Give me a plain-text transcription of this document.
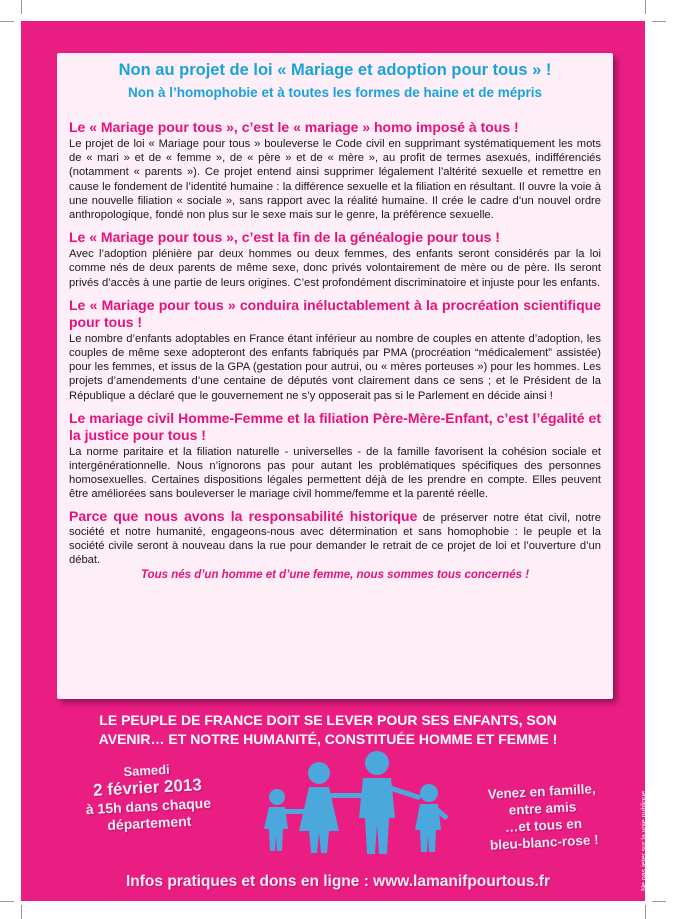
Non au projet de loi « Mariage et adoption pour tous » !
Non à l’homophobie et à toutes les formes de haine et de mépris
Le « Mariage pour tous », c’est le « mariage » homo imposé à tous !
Le projet de loi « Mariage pour tous » bouleverse le Code civil en supprimant systématiquement les mots de « mari » et de « femme », de « père » et de « mère », au profit de termes asexués, indifférenciés (notamment « parents »). Ce projet entend ainsi supprimer légalement l’altérité sexuelle et remettre en cause le fondement de l’identité humaine : la différence sexuelle et la filiation en résultant. Il ouvre la voie à une nouvelle filiation « sociale », sans rapport avec la réalité humaine. Il crée le cadre d’un nouvel ordre anthropologique, fondé non plus sur le sexe mais sur le genre, la préférence sexuelle.
Le « Mariage pour tous », c’est la fin de la généalogie pour tous !
Avec l’adoption plénière par deux hommes ou deux femmes, des enfants seront considérés par la loi comme nés de deux parents de même sexe, donc privés volontairement de mère ou de père. Ils seront privés d’accès à une partie de leurs origines. C’est profondément discriminatoire et injuste pour les enfants.
Le « Mariage pour tous » conduira inéluctablement à la procréation scientifique pour tous !
Le nombre d’enfants adoptables en France étant inférieur au nombre de couples en attente d’adoption, les couples de même sexe adopteront des enfants fabriqués par PMA (procréation “médicalement” assistée) pour les femmes, et issus de la GPA (gestation pour autrui, ou « mères porteuses ») pour les hommes. Les projets d’amendements d’une centaine de députés vont clairement dans ce sens ; et le Président de la République a déclaré que le gouvernement ne s’y opposerait pas si le Parlement en décide ainsi !
Le mariage civil Homme-Femme et la filiation Père-Mère-Enfant, c’est l’égalité et la justice pour tous !
La norme paritaire et la filiation naturelle - universelles - de la famille favorisent la cohésion sociale et intergénérationnelle. Nous n’ignorons pas pour autant les problématiques spécifiques des personnes homosexuelles. Certaines dispositions légales permettent déjà de les prendre en compte. Elles peuvent être améliorées sans bouleverser le mariage civil homme/femme et la parenté réelle.
Parce que nous avons la responsabilité historique de préserver notre état civil, notre société et notre humanité, engageons-nous avec détermination et sans homophobie : le peuple et la société civile seront à nouveau dans la rue pour demander le retrait de ce projet de loi et l’ouverture d’un débat.
Tous nés d’un homme et d’une femme, nous sommes tous concernés !
LE PEUPLE DE FRANCE DOIT SE LEVER POUR SES ENFANTS, SON
AVENIR… ET NOTRE HUMANITÉ, CONSTITUÉE HOMME ET FEMME !
Samedi
2 février 2013
à 15h dans chaque
département
Venez en famille,
entre amis
…et tous en
bleu-blanc-rose !
Infos pratiques et dons en ligne : www.lamanifpourtous.fr	Ne pas jeter sur la voie publique
